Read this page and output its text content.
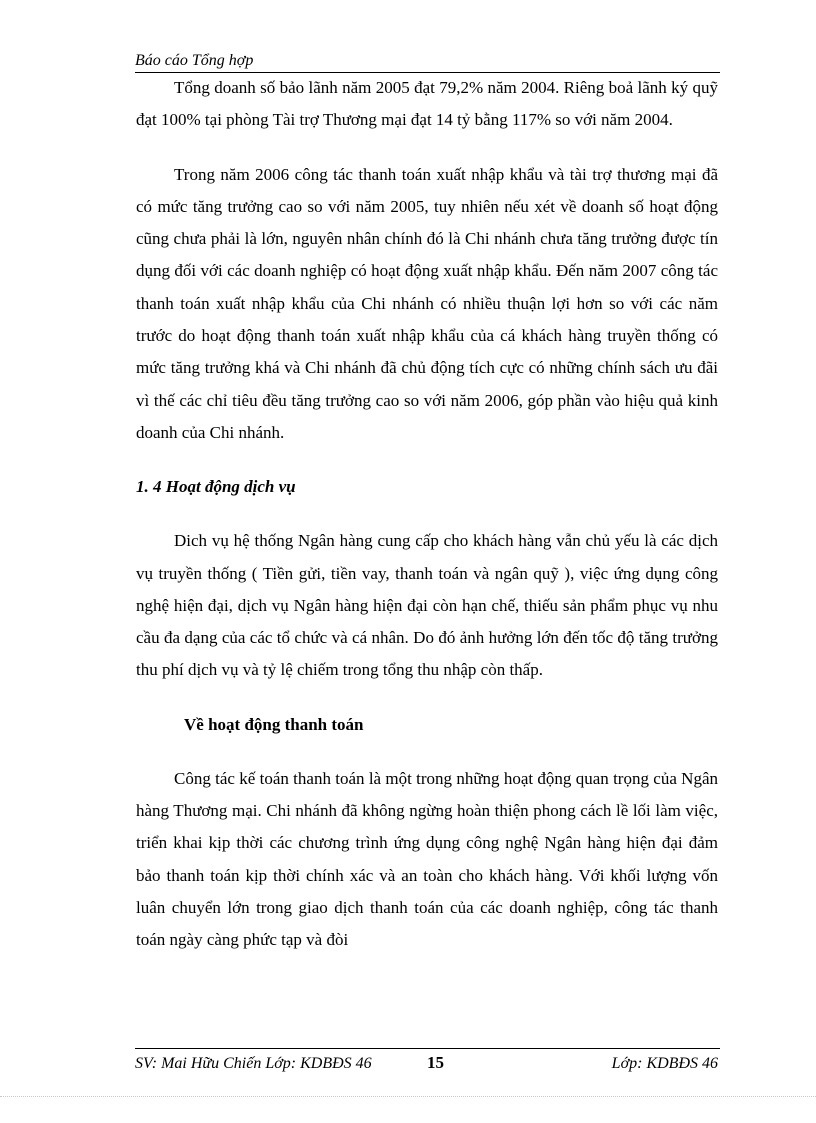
Báo cáo Tổng hợp

Tổng doanh số bảo lãnh năm 2005 đạt 79,2% năm 2004. Riêng boả lãnh ký quỹ đạt 100% tại phòng Tài trợ Thương mại đạt 14 tỷ bằng 117% so với năm 2004.

Trong năm 2006 công tác thanh toán xuất nhập khẩu và tài trợ thương mại đã có mức tăng trưởng cao so với năm 2005, tuy nhiên nếu xét về doanh số hoạt động cũng chưa phải là lớn, nguyên nhân chính đó là Chi nhánh chưa tăng trưởng được tín dụng đối với các doanh nghiệp có hoạt động xuất nhập khẩu. Đến năm 2007 công tác thanh toán xuất nhập khẩu của Chi nhánh có nhiều thuận lợi hơn so với các năm trước do hoạt động thanh toán xuất nhập khẩu của cá khách hàng truyền thống có mức tăng trưởng khá và Chi nhánh đã chủ động tích cực có những chính sách ưu đãi vì thế các chỉ tiêu đều tăng trưởng cao so với năm 2006, góp phần vào hiệu quả kinh doanh của Chi nhánh.

1. 4 Hoạt động dịch vụ

Dich vụ hệ thống Ngân hàng cung cấp cho khách hàng vẫn chủ yếu là các dịch vụ truyền thống ( Tiền gửi, tiền vay, thanh toán và ngân quỹ ), việc ứng dụng công nghệ hiện đại, dịch vụ Ngân hàng hiện đại còn hạn chế, thiếu sản phẩm phục vụ nhu cầu đa dạng của các tổ chức và cá nhân. Do đó ảnh hưởng lớn đến tốc độ tăng trưởng thu phí dịch vụ và tỷ lệ chiếm trong tổng thu nhập còn thấp.

Về hoạt động thanh toán

Công tác kế toán thanh toán là một trong những hoạt động quan trọng của Ngân hàng Thương mại. Chi nhánh đã không ngừng hoàn thiện phong cách lề lối làm việc, triển khai kịp thời các chương trình ứng dụng công nghệ Ngân hàng hiện đại đảm bảo thanh toán kịp thời chính xác và an toàn cho khách hàng. Với khối lượng vốn luân chuyển lớn trong giao dịch thanh toán của các doanh nghiệp, công tác thanh toán ngày càng phức tạp và đòi

SV: Mai Hữu Chiến Lớp: KDBĐS 46	15	Lớp: KDBĐS 46
